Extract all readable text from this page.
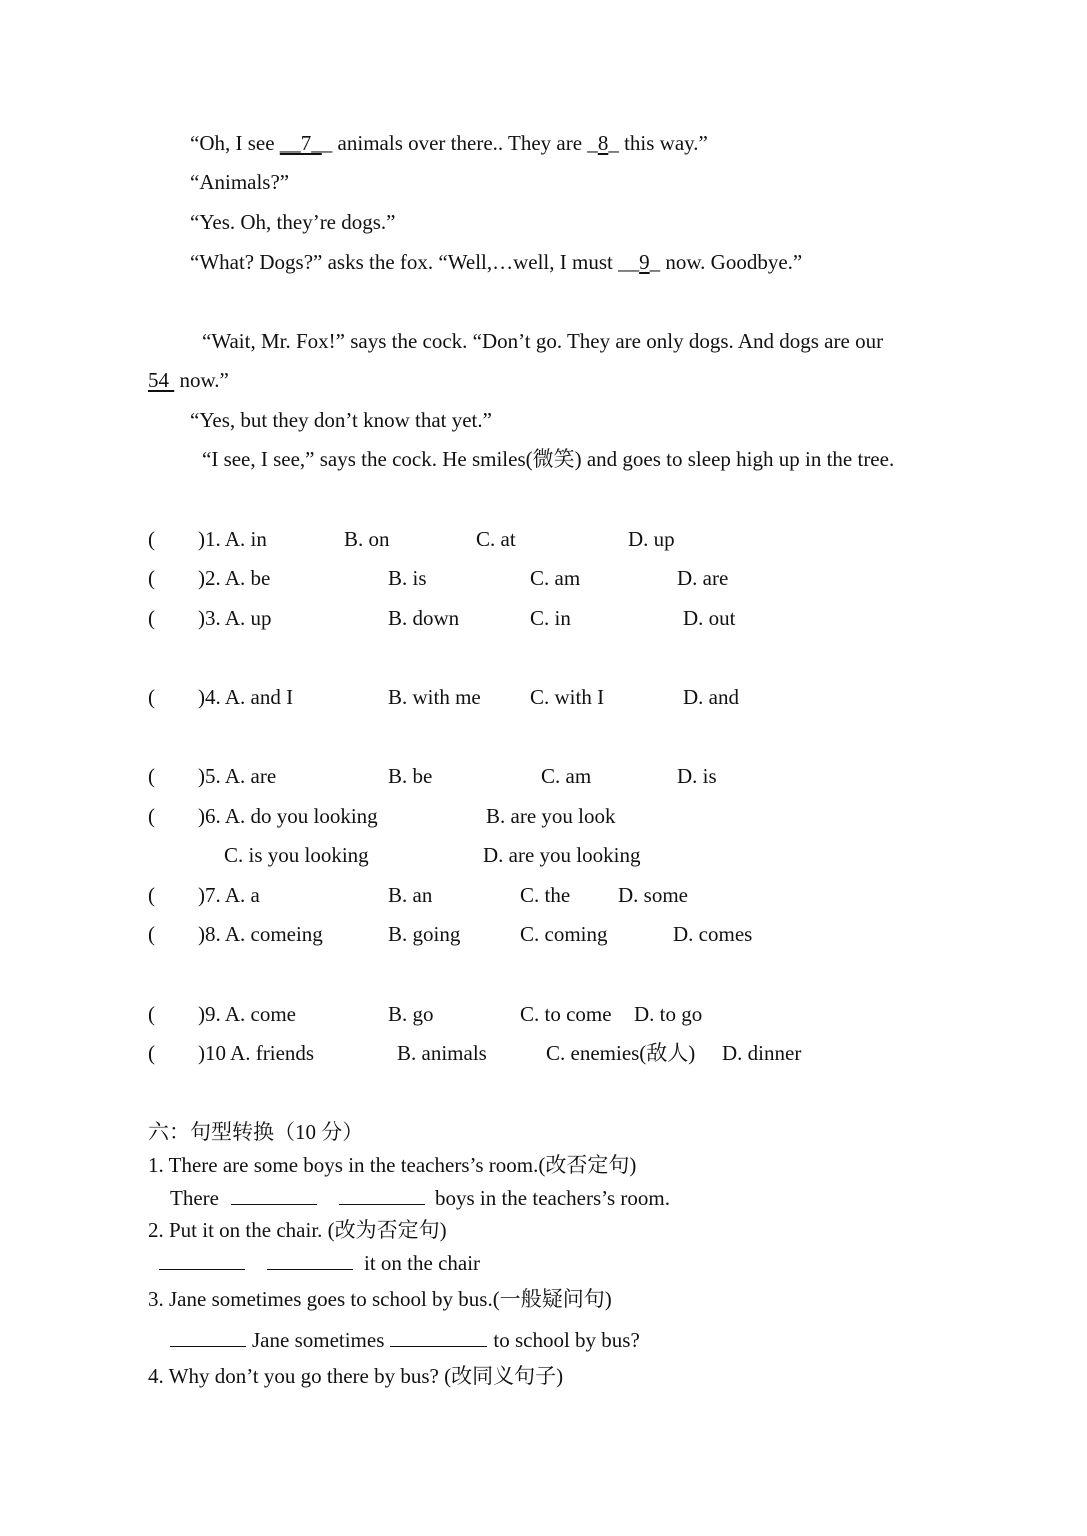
“Oh, I see __7__ animals over there.. They are _8_ this way.”
“Animals?”
“Yes. Oh, they’re dogs.”
“What? Dogs?” asks the fox. “Well,…well, I must __9_ now. Goodbye.”
“Wait, Mr. Fox!” says the cock. “Don’t go. They are only dogs. And dogs are our
54  now.”
“Yes, but they don’t know that yet.”
“I see, I see,” says the cock. He smiles(微笑) and goes to sleep high up in the tree.
( )1. A. in	B. on	C. at	D. up
( )2. A. be	B. is	C. am	D. are
( )3. A. up	B. down	C. in	D. out
( )4. A. and I	B. with me C. with I	D. and
( )5. A. are	B. be	C. am	D. is
( )6. A. do you looking	B. are you look
C. is you looking	D. are you looking
( )7. A. a	B. an	C. the D. some
( )8. A. comeing	B. going	C. coming	D. comes
( )9. A. come	B. go	C. to come D. to go
( )10 A. friends	B. animals	C. enemies(敌人) D. dinner
六：句型转换（10 分）
1. There are some boys in the teachers’s room.(改否定句)
There	boys in the teachers’s room.
2. Put it on the chair. (改为否定句)
it on the chair
3. Jane sometimes goes to school by bus.(一般疑问句)
Jane sometimes	to school by bus?
4. Why don’t you go there by bus? (改同义句子)
